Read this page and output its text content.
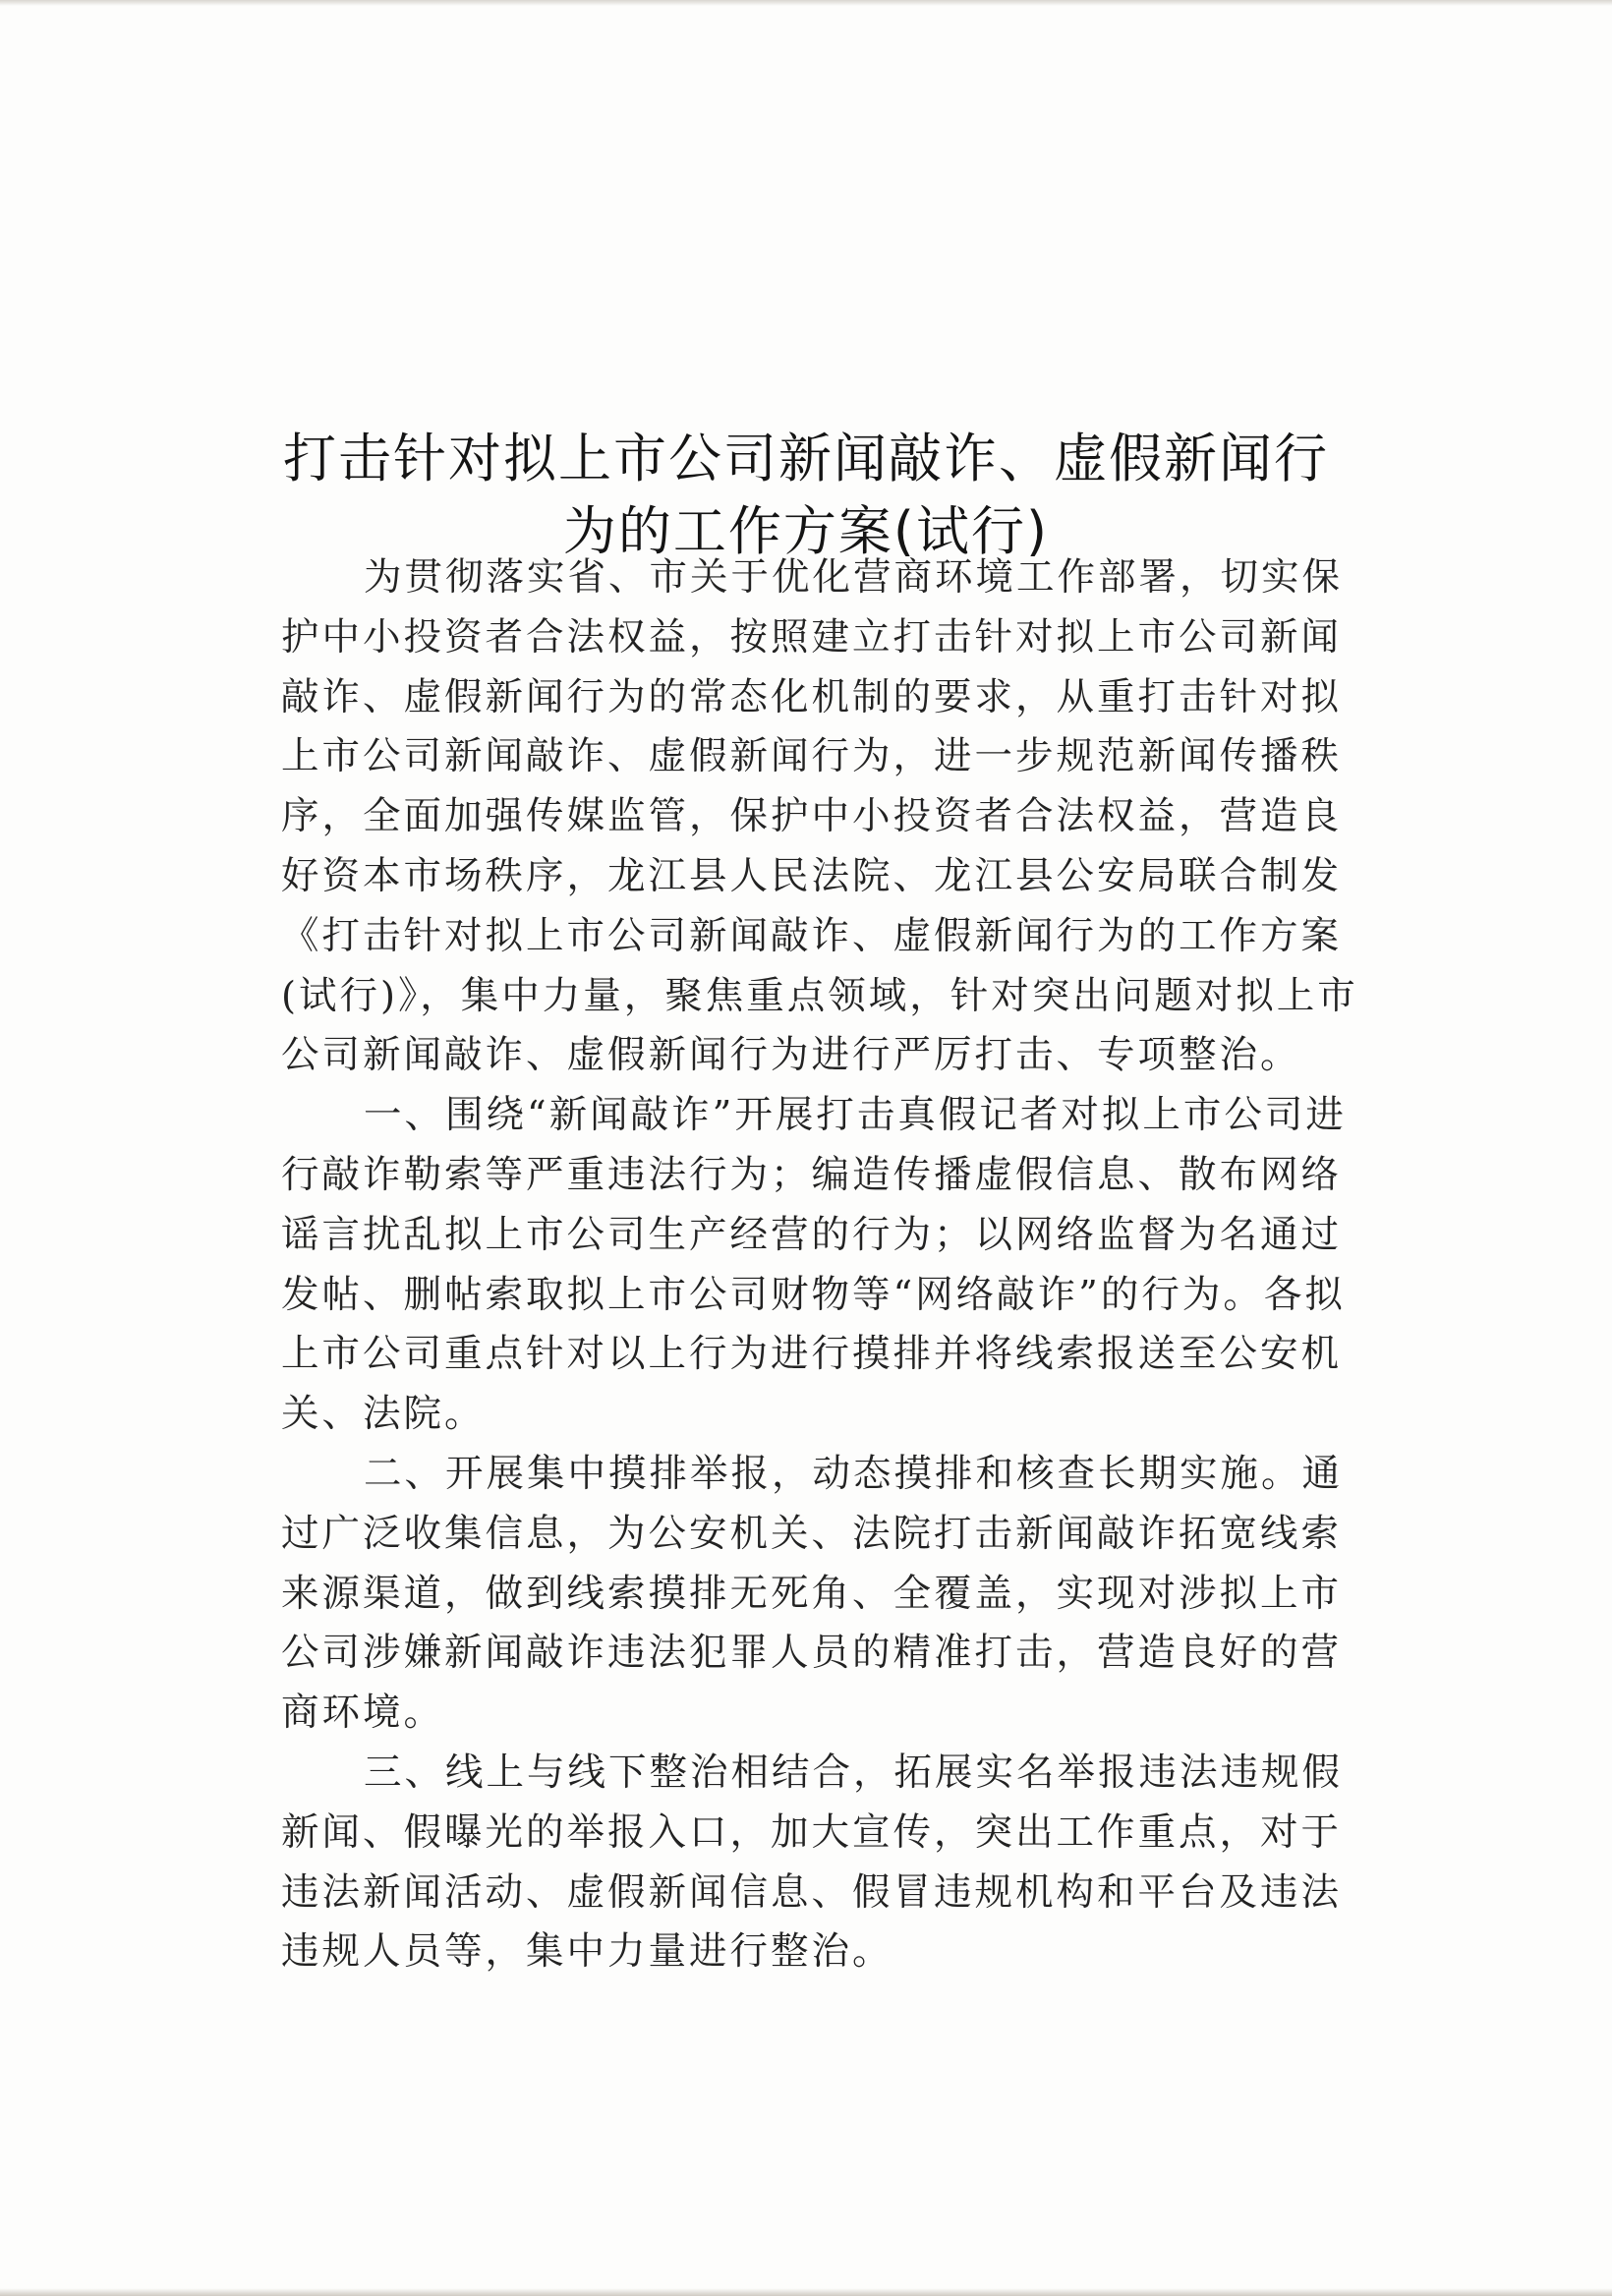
打击针对拟上市公司新闻敲诈、虚假新闻行
为的工作方案(试行)

为贯彻落实省、市关于优化营商环境工作部署，切实保护中小投资者合法权益，按照建立打击针对拟上市公司新闻敲诈、虚假新闻行为的常态化机制的要求，从重打击针对拟上市公司新闻敲诈、虚假新闻行为，进一步规范新闻传播秩序，全面加强传媒监管，保护中小投资者合法权益，营造良好资本市场秩序，龙江县人民法院、龙江县公安局联合制发《打击针对拟上市公司新闻敲诈、虚假新闻行为的工作方案(试行)》，集中力量，聚焦重点领域，针对突出问题对拟上市公司新闻敲诈、虚假新闻行为进行严厉打击、专项整治。

一、围绕“新闻敲诈”开展打击真假记者对拟上市公司进行敲诈勒索等严重违法行为；编造传播虚假信息、散布网络谣言扰乱拟上市公司生产经营的行为；以网络监督为名通过发帖、删帖索取拟上市公司财物等“网络敲诈”的行为。各拟上市公司重点针对以上行为进行摸排并将线索报送至公安机关、法院。

二、开展集中摸排举报，动态摸排和核查长期实施。通过广泛收集信息，为公安机关、法院打击新闻敲诈拓宽线索来源渠道，做到线索摸排无死角、全覆盖，实现对涉拟上市公司涉嫌新闻敲诈违法犯罪人员的精准打击，营造良好的营商环境。

三、线上与线下整治相结合，拓展实名举报违法违规假新闻、假曝光的举报入口，加大宣传，突出工作重点，对于违法新闻活动、虚假新闻信息、假冒违规机构和平台及违法违规人员等，集中力量进行整治。
